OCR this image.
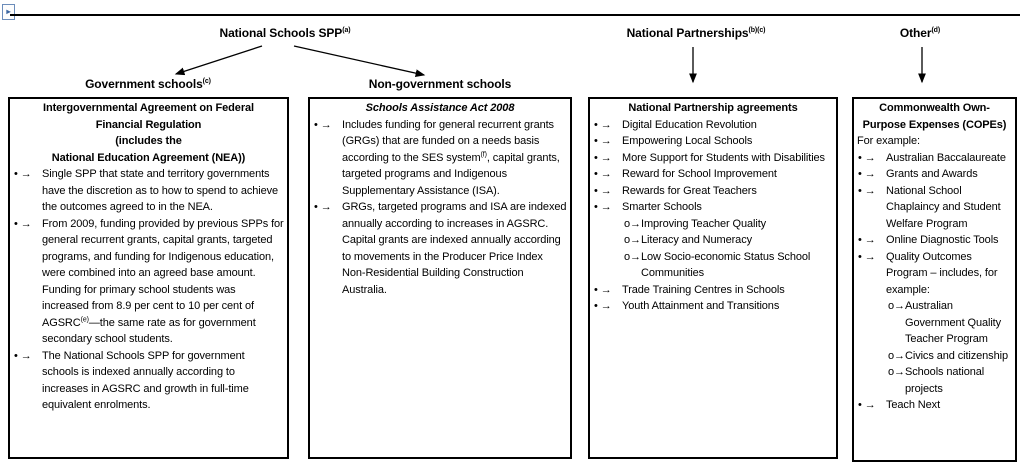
▸
National Schools SPP$^{(a)}$	National Partnerships$^{(b)(c)}$	Other$^{(d)}$
Government schools$^{(c)}$	Non-government schools
Intergovernmental Agreement on Federal
Financial Regulation
(includes the
National Education Agreement (NEA))
• → Single SPP that state and territory governments have the discretion as to how to spend to achieve the outcomes agreed to in the NEA.
• → From 2009, funding provided by previous SPPs for general recurrent grants, capital grants, targeted programs, and funding for Indigenous education, were combined into an agreed base amount. Funding for primary school students was increased from 8.9 per cent to 10 per cent of AGSRC$^{(e)}$—the same rate as for government secondary school students.
• → The National Schools SPP for government schools is indexed annually according to increases in AGSRC and growth in full-time equivalent enrolments.
Schools Assistance Act 2008
• → Includes funding for general recurrent grants (GRGs) that are funded on a needs basis according to the SES system$^{(f)}$, capital grants, targeted programs and Indigenous Supplementary Assistance (ISA).
• → GRGs, targeted programs and ISA are indexed annually according to increases in AGSRC. Capital grants are indexed annually according to movements in the Producer Price Index Non-Residential Building Construction Australia.
National Partnership agreements
• → Digital Education Revolution
• → Empowering Local Schools
• → More Support for Students with Disabilities
• → Reward for School Improvement
• → Rewards for Great Teachers
• → Smarter Schools
o→ Improving Teacher Quality
o→ Literacy and Numeracy
o→ Low Socio-economic Status School Communities
• → Trade Training Centres in Schools
• → Youth Attainment and Transitions
Commonwealth Own-
Purpose Expenses (COPEs)
For example:
• → Australian Baccalaureate
• → Grants and Awards
• → National School Chaplaincy and Student Welfare Program
• → Online Diagnostic Tools
• → Quality Outcomes Program – includes, for example:
o→ Australian Government Quality Teacher Program
o→ Civics and citizenship
o→ Schools national projects
• → Teach Next
